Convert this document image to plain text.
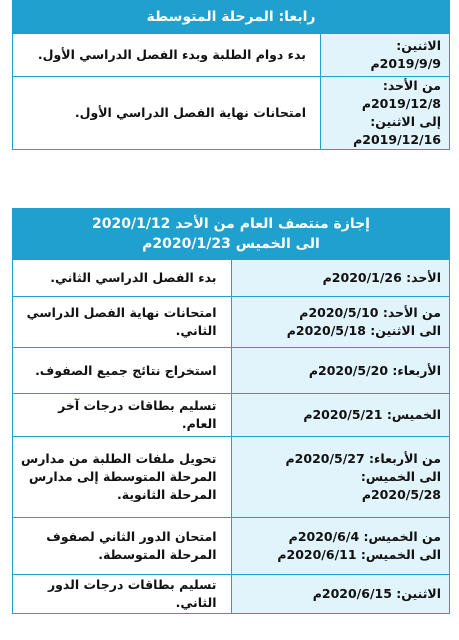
رابعا: المرحلة المتوسطة	

الاثنين: 2019/9/9م	بدء دوام الطلبة وبدء الفصل الدراسي الأول.

من الأحد: 2019/12/8م
إلى الاثنين: 2019/12/16م	امتحانات نهاية الفصل الدراسي الأول.
إجازة منتصف العام من الأحد 2020/1/12
الى الخميس 2020/1/23م	

الأحد: 2020/1/26م	بدء الفصل الدراسي الثاني.

من الأحد: 2020/5/10م
الى الاثنين: 2020/5/18م	امتحانات نهاية الفصل الدراسي الثاني.

الأربعاء: 2020/5/20م	استخراج نتائج جميع الصفوف.

الخميس: 2020/5/21م	تسليم بطاقات درجات آخر العام.

من الأربعاء: 2020/5/27م
الى الخميس:
2020/5/28م	تحويل ملفات الطلبة من مدارس المرحلة المتوسطة إلى مدارس المرحلة الثانوية.

من الخميس: 2020/6/4م
الى الخميس: 2020/6/11م	امتحان الدور الثاني لصفوف المرحلة المتوسطة.

الاثنين: 2020/6/15م	تسليم بطاقات درجات الدور الثاني.
